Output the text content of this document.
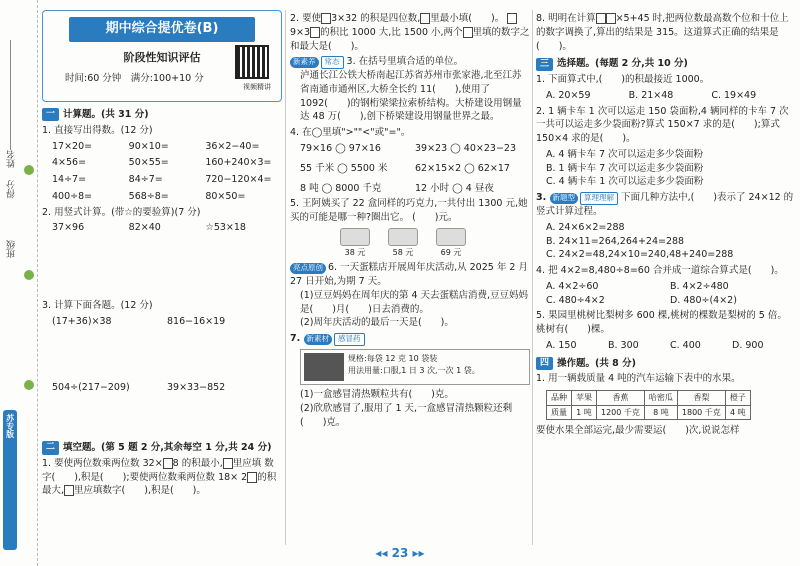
得分
班级
姓名
学霸提优大试卷 数学三年级 下册 江苏专版
期中综合提优卷(B)
阶段性知识评估
时间:60 分钟　满分:100+10 分
视频精讲
一 计算题。(共 31 分)
1. 直接写出得数。(12 分)
17×20=	90×10=	36×2−40=
4×56=	50×55=	160+240×3=
14÷7=	84÷7=	720−120×4=
400÷8=	568÷8=	80×50=
2. 用竖式计算。(带☆的要验算)(7 分)
37×96	82×40	☆53×18
3. 计算下面各题。(12 分)
(17+36)×38	816−16×19
504÷(217−209)	39×33−852
二 填空题。(第 5 题 2 分,其余每空 1 分,共 24 分)
1. 要使两位数乘两位数 32× 8 的积最小, 里应填 数字(　　),积是(　　);要使两位数乘两位数 18× 2 的积最大, 里应填数字(　　),积是(　　)。
2. 要使 3×32 的积是四位数, 里最小填(　　)。 9×3 的积比 1000 大,比 1500 小,两个 里填的数字之和最大是(　　)。
新素养 常态 3. 在括号里填合适的单位。
泸通长江公铁大桥南起江苏省苏州市张家港,北至江苏省南通市通州区,大桥全长约 11(　　),使用了 1092(　　)的钢桁梁梁拉索桥结构。大桥建设用钢量达 48 万(　　),创下桥梁建设用钢量世界之最。
4. 在◯里填">""<"或"="。
79×16 ◯ 97×16	39×23 ◯ 40×23−23
55 千米 ◯ 5500 米	62×15×2 ◯ 62×17
8 吨 ◯ 8000 千克	12 小时 ◯ 4 昼夜
5. 王阿姨买了 22 盒同样的巧克力,一共付出 1300 元,她买的可能是哪一种?圈出它。 (　　)元。
38 元	58 元	69 元
亮点原创 6. 一天蛋糕店开展周年庆活动,从 2025 年 2 月 27 日开始,为期 7 天。
(1)豆豆妈妈在周年庆的第 4 天去蛋糕店消费,豆豆妈妈是(　　)月(　　)日去消费的。
(2)周年庆活动的最后一天是(　　)。
7. 新素材 感冒药
规格:每袋 12 克 10 袋装
用法用量:口服,1 日 3 次,一次 1 袋。
(1)一盒感冒清热颗粒共有(　　)克。
(2)欣欣感冒了,服用了 1 天,一盒感冒清热颗粒还剩(　　)克。
8. 明明在计算 ×5+45 时,把两位数最高数个位和十位上的数字调换了,算出的结果是 315。这道算式正确的结果是(　　)。
三 选择题。(每题 2 分,共 10 分)
1. 下面算式中,(　　)的积最接近 1000。
A. 20×59	B. 21×48	C. 19×49
2. 1 辆卡车 1 次可以运走 150 袋面粉,4 辆同样的卡车 7 次一共可以运走多少袋面粉?算式 150×7 求的是(　　);算式 150×4 求的是(　　)。
A. 4 辆卡车 7 次可以运走多少袋面粉
B. 1 辆卡车 7 次可以运走多少袋面粉
C. 4 辆卡车 1 次可以运走多少袋面粉
3. 新题型 算理理解 下面几种方法中,(　　)表示了 24×12 的竖式计算过程。
A. 24×6×2=288
B. 24×11=264,264+24=288
C. 24×2=48,24×10=240,48+240=288
4. 把 4×2=8,480÷8=60 合并成一道综合算式是(　　)。
A. 4×2÷60	B. 4×2÷480
C. 480÷4×2	D. 480÷(4×2)
5. 果园里桃树比梨树多 600 棵,桃树的棵数是梨树的 5 倍。桃树有(　　)棵。
A. 150	B. 300	C. 400	D. 900
四 操作题。(共 8 分)
1. 用一辆载质量 4 吨的汽车运输下表中的水果。
品种	苹果	香蕉	哈密瓜	香梨	橙子
质量	1 吨	1200 千克	8 吨	1800 千克	4 吨
要使水果全部运完,最少需要运(　　)次,说说怎样
◂◂ 23 ▸▸
